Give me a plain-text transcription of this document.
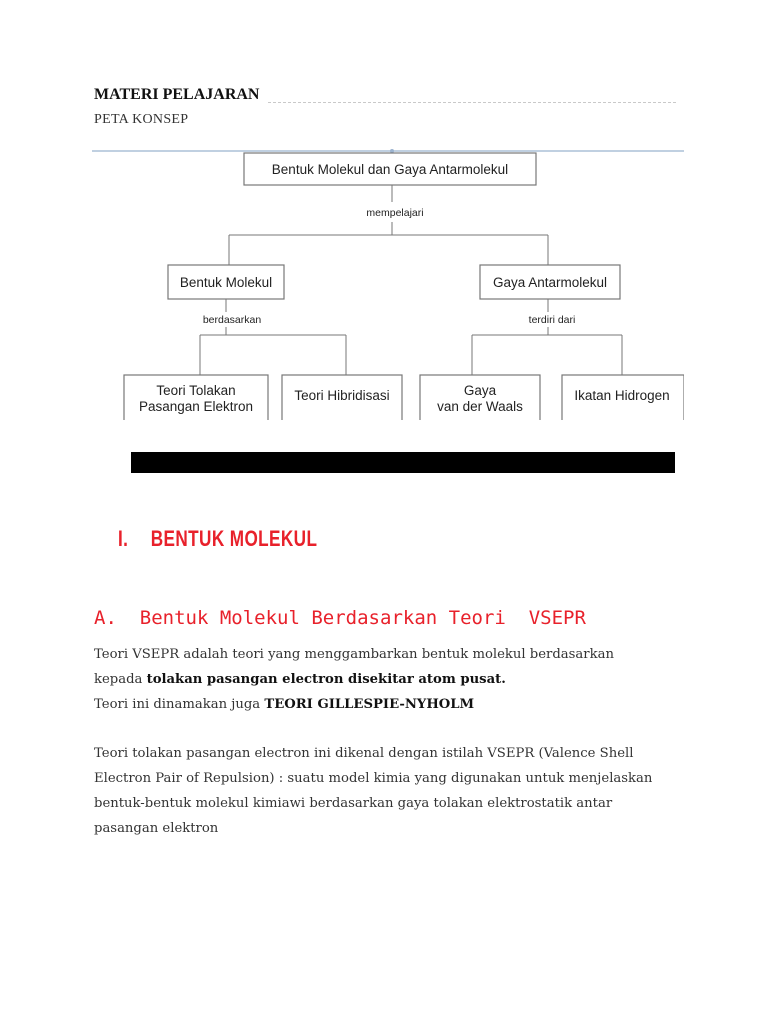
MATERI PELAJARAN
PETA KONSEP
Bentuk Molekul dan Gaya Antarmolekul
mempelajari
Bentuk Molekul
berdasarkan
Gaya Antarmolekul
terdiri dari
Teori Tolakan
Pasangan Elektron
Teori Hibridisasi	Gaya
van der Waals
Ikatan Hidrogen
I. BENTUK MOLEKUL
A. Bentuk Molekul Berdasarkan Teori  VSEPR
Teori VSEPR adalah teori yang menggambarkan bentuk molekul berdasarkan
kepada tolakan pasangan electron disekitar atom pusat.
Teori ini dinamakan juga TEORI GILLESPIE-NYHOLM
Teori tolakan pasangan electron ini dikenal dengan istilah VSEPR (Valence Shell Electron Pair of Repulsion) : suatu model kimia yang digunakan untuk menjelaskan bentuk-bentuk molekul kimiawi berdasarkan gaya tolakan elektrostatik antar pasangan elektron
